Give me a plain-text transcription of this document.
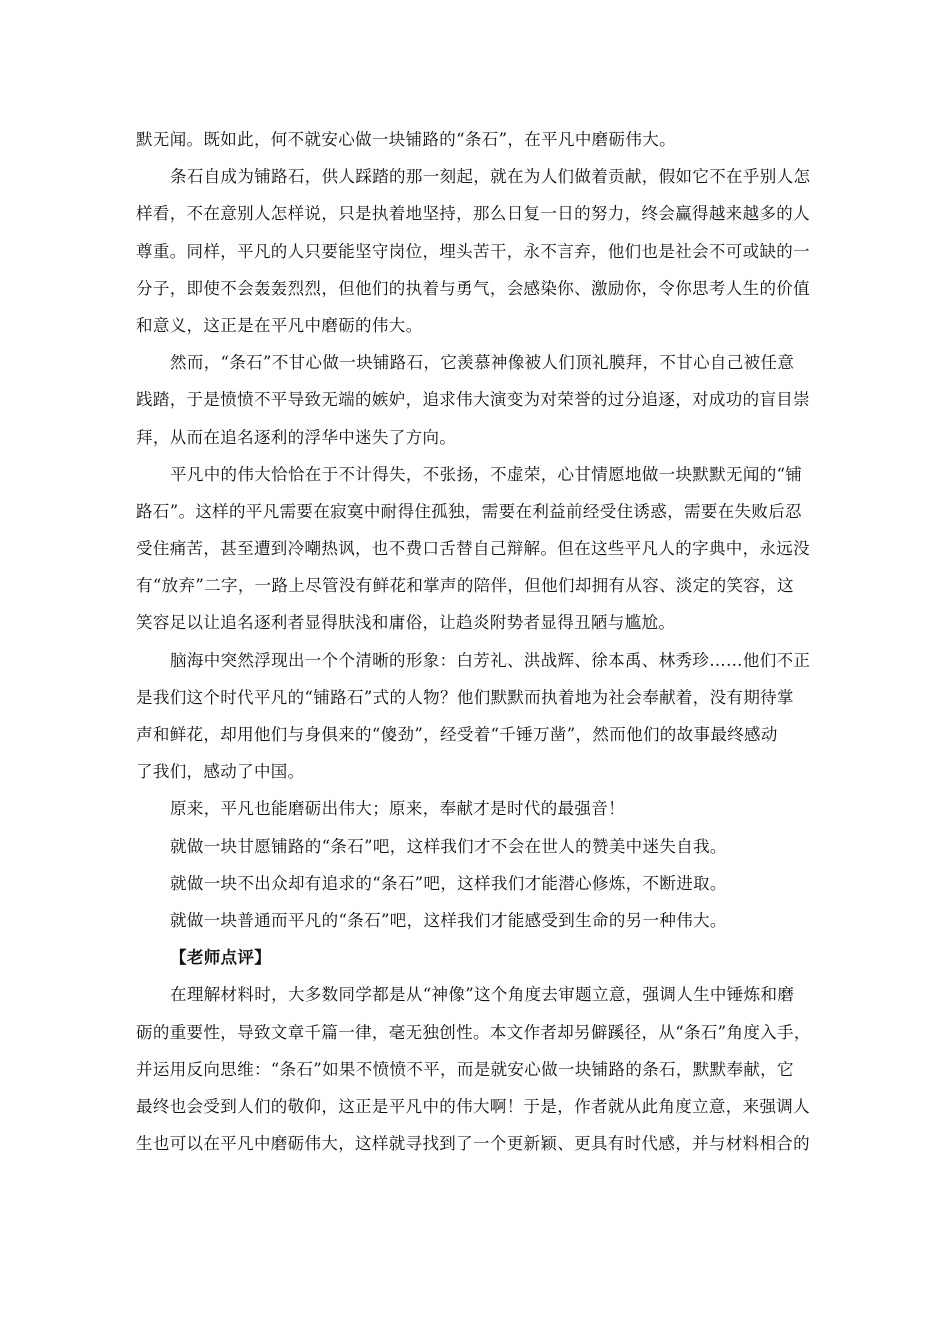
默无闻。既如此，何不就安心做一块铺路的“条石”，在平凡中磨砺伟大。
条石自成为铺路石，供人踩踏的那一刻起，就在为人们做着贡献，假如它不在乎别人怎
样看，不在意别人怎样说，只是执着地坚持，那么日复一日的努力，终会赢得越来越多的人
尊重。同样，平凡的人只要能坚守岗位，埋头苦干，永不言弃，他们也是社会不可或缺的一
分子，即使不会轰轰烈烈，但他们的执着与勇气，会感染你、激励你，令你思考人生的价值
和意义，这正是在平凡中磨砺的伟大。
然而，“条石”不甘心做一块铺路石，它羡慕神像被人们顶礼膜拜，不甘心自己被任意
践踏，于是愤愤不平导致无端的嫉妒，追求伟大演变为对荣誉的过分追逐，对成功的盲目崇
拜，从而在追名逐利的浮华中迷失了方向。
平凡中的伟大恰恰在于不计得失，不张扬，不虚荣，心甘情愿地做一块默默无闻的“铺
路石”。这样的平凡需要在寂寞中耐得住孤独，需要在利益前经受住诱惑，需要在失败后忍
受住痛苦，甚至遭到冷嘲热讽，也不费口舌替自己辩解。但在这些平凡人的字典中，永远没
有“放弃”二字，一路上尽管没有鲜花和掌声的陪伴，但他们却拥有从容、淡定的笑容，这
笑容足以让追名逐利者显得肤浅和庸俗，让趋炎附势者显得丑陋与尴尬。
脑海中突然浮现出一个个清晰的形象：白芳礼、洪战辉、徐本禹、林秀珍……他们不正
是我们这个时代平凡的“铺路石”式的人物？他们默默而执着地为社会奉献着，没有期待掌
声和鲜花，却用他们与身俱来的“傻劲”，经受着“千锤万凿”，然而他们的故事最终感动
了我们，感动了中国。
原来，平凡也能磨砺出伟大；原来，奉献才是时代的最强音！
就做一块甘愿铺路的“条石”吧，这样我们才不会在世人的赞美中迷失自我。
就做一块不出众却有追求的“条石”吧，这样我们才能潜心修炼，不断进取。
就做一块普通而平凡的“条石”吧，这样我们才能感受到生命的另一种伟大。
【老师点评】
在理解材料时，大多数同学都是从“神像”这个角度去审题立意，强调人生中锤炼和磨
砺的重要性，导致文章千篇一律，毫无独创性。本文作者却另僻蹊径，从“条石”角度入手，
并运用反向思维：“条石”如果不愤愤不平，而是就安心做一块铺路的条石，默默奉献，它
最终也会受到人们的敬仰，这正是平凡中的伟大啊！于是，作者就从此角度立意，来强调人
生也可以在平凡中磨砺伟大，这样就寻找到了一个更新颖、更具有时代感，并与材料相合的
